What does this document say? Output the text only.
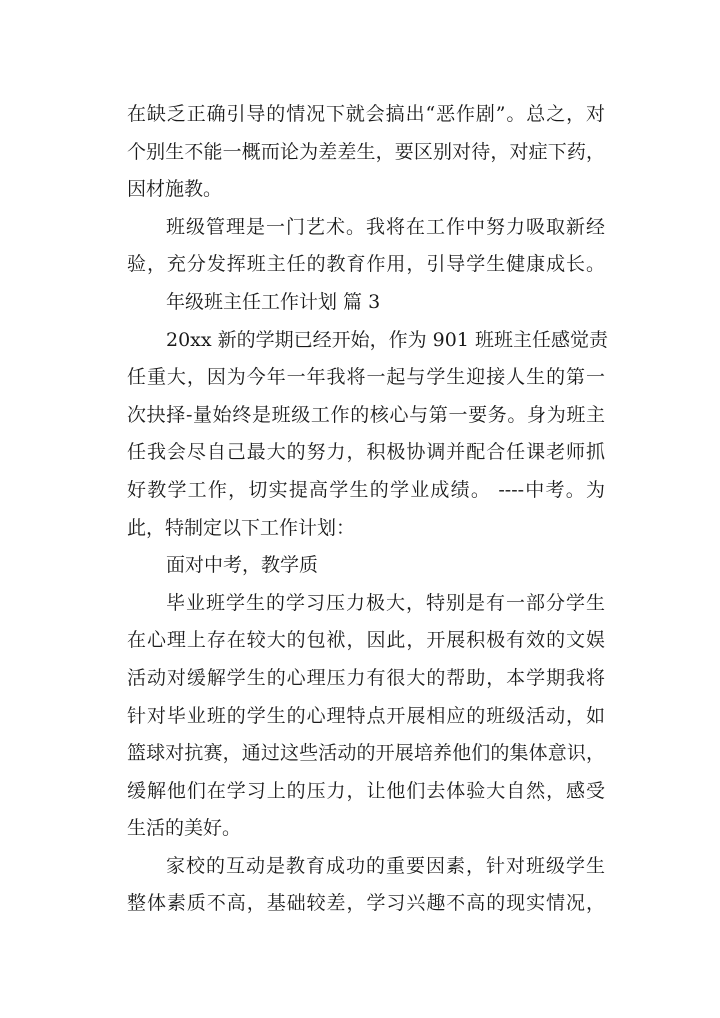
在缺乏正确引导的情况下就会搞出“恶作剧”。总之，对
个别生不能一概而论为差差生，要区别对待，对症下药，
因材施教。
班级管理是一门艺术。我将在工作中努力吸取新经
验，充分发挥班主任的教育作用，引导学生健康成长。
年级班主任工作计划 篇 3
20xx 新的学期已经开始，作为 901 班班主任感觉责
任重大，因为今年一年我将一起与学生迎接人生的第一
次抉择-量始终是班级工作的核心与第一要务。身为班主
任我会尽自己最大的努力，积极协调并配合任课老师抓
好教学工作，切实提高学生的学业成绩。 ----中考。为
此，特制定以下工作计划：
面对中考，教学质
毕业班学生的学习压力极大，特别是有一部分学生
在心理上存在较大的包袱，因此，开展积极有效的文娱
活动对缓解学生的心理压力有很大的帮助，本学期我将
针对毕业班的学生的心理特点开展相应的班级活动，如
篮球对抗赛，通过这些活动的开展培养他们的集体意识，
缓解他们在学习上的压力，让他们去体验大自然，感受
生活的美好。
家校的互动是教育成功的重要因素，针对班级学生
整体素质不高，基础较差，学习兴趣不高的现实情况，
